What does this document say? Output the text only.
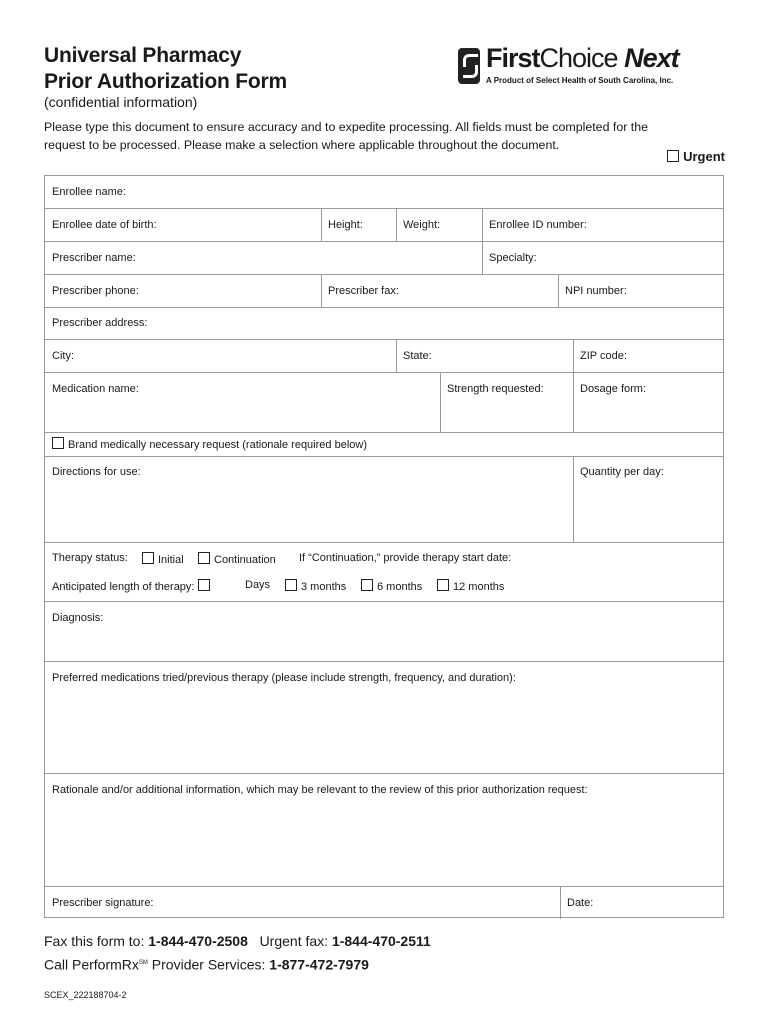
Universal Pharmacy
Prior Authorization Form
(confidential information)
Please type this document to ensure accuracy and to expedite processing. All fields must be completed for the
request to be processed. Please make a selection where applicable throughout the document.
Urgent
FirstChoice Next
A Product of Select Health of South Carolina, Inc.
Enrollee name:
Enrollee date of birth:	Height:	Weight:	Enrollee ID number:
Prescriber name:	Specialty:
Prescriber phone:	Prescriber fax:	NPI number:
Prescriber address:
City:	State:	ZIP code:
Medication name:	Strength requested:	Dosage form:
Brand medically necessary request (rationale required below)
Directions for use:	Quantity per day:
Therapy status:	Initial	Continuation If “Continuation,” provide therapy start date:
Anticipated length of therapy:	Days	3 months	6 months	12 months
Diagnosis:
Preferred medications tried/previous therapy (please include strength, frequency, and duration):
Rationale and/or additional information, which may be relevant to the review of this prior authorization request:
Prescriber signature:	Date:
Fax this form to: 1-844-470-2508 Urgent fax: 1-844-470-2511
Call PerformRx℠ Provider Services: 1-877-472-7979
SCEX_222188704-2
